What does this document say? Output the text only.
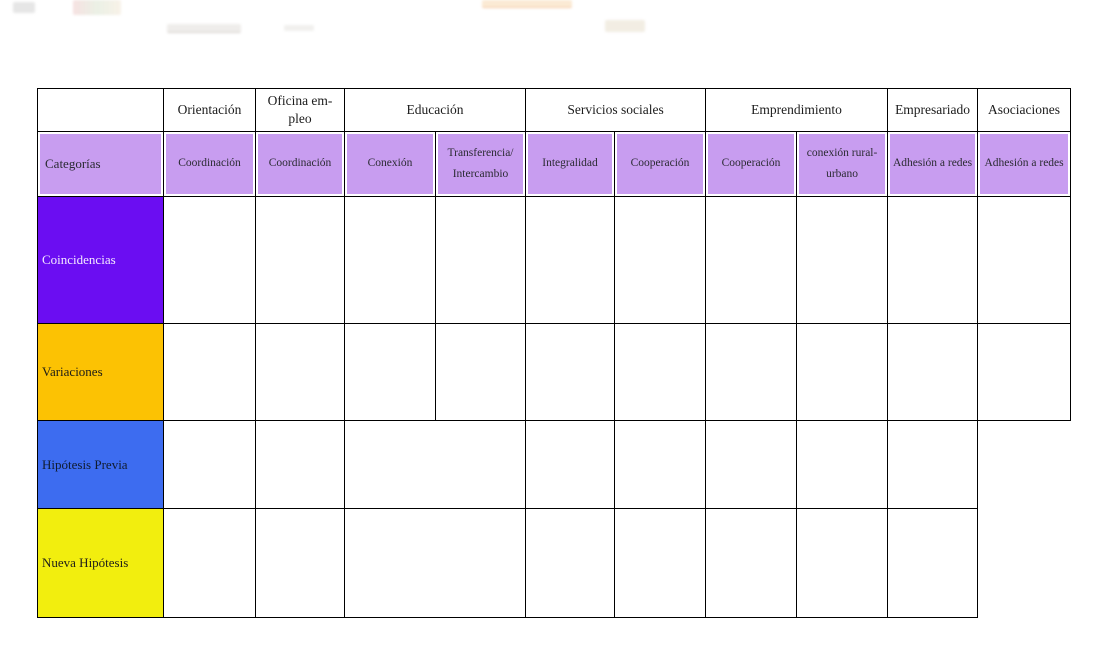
	Orientación	Oficina em-pleo	Educación		Servicios sociales		Emprendimiento		Empresariado	Asociaciones
Categorías	Coordinación	Coordinación	Conexión	Transferencia/ Intercambio	Integralidad	Cooperación	Cooperación	conexión rural-urbano	Adhesión a redes	Adhesión a redes
Coincidencias										
Variaciones										
Hipótesis Previa										
Nueva Hipótesis										
